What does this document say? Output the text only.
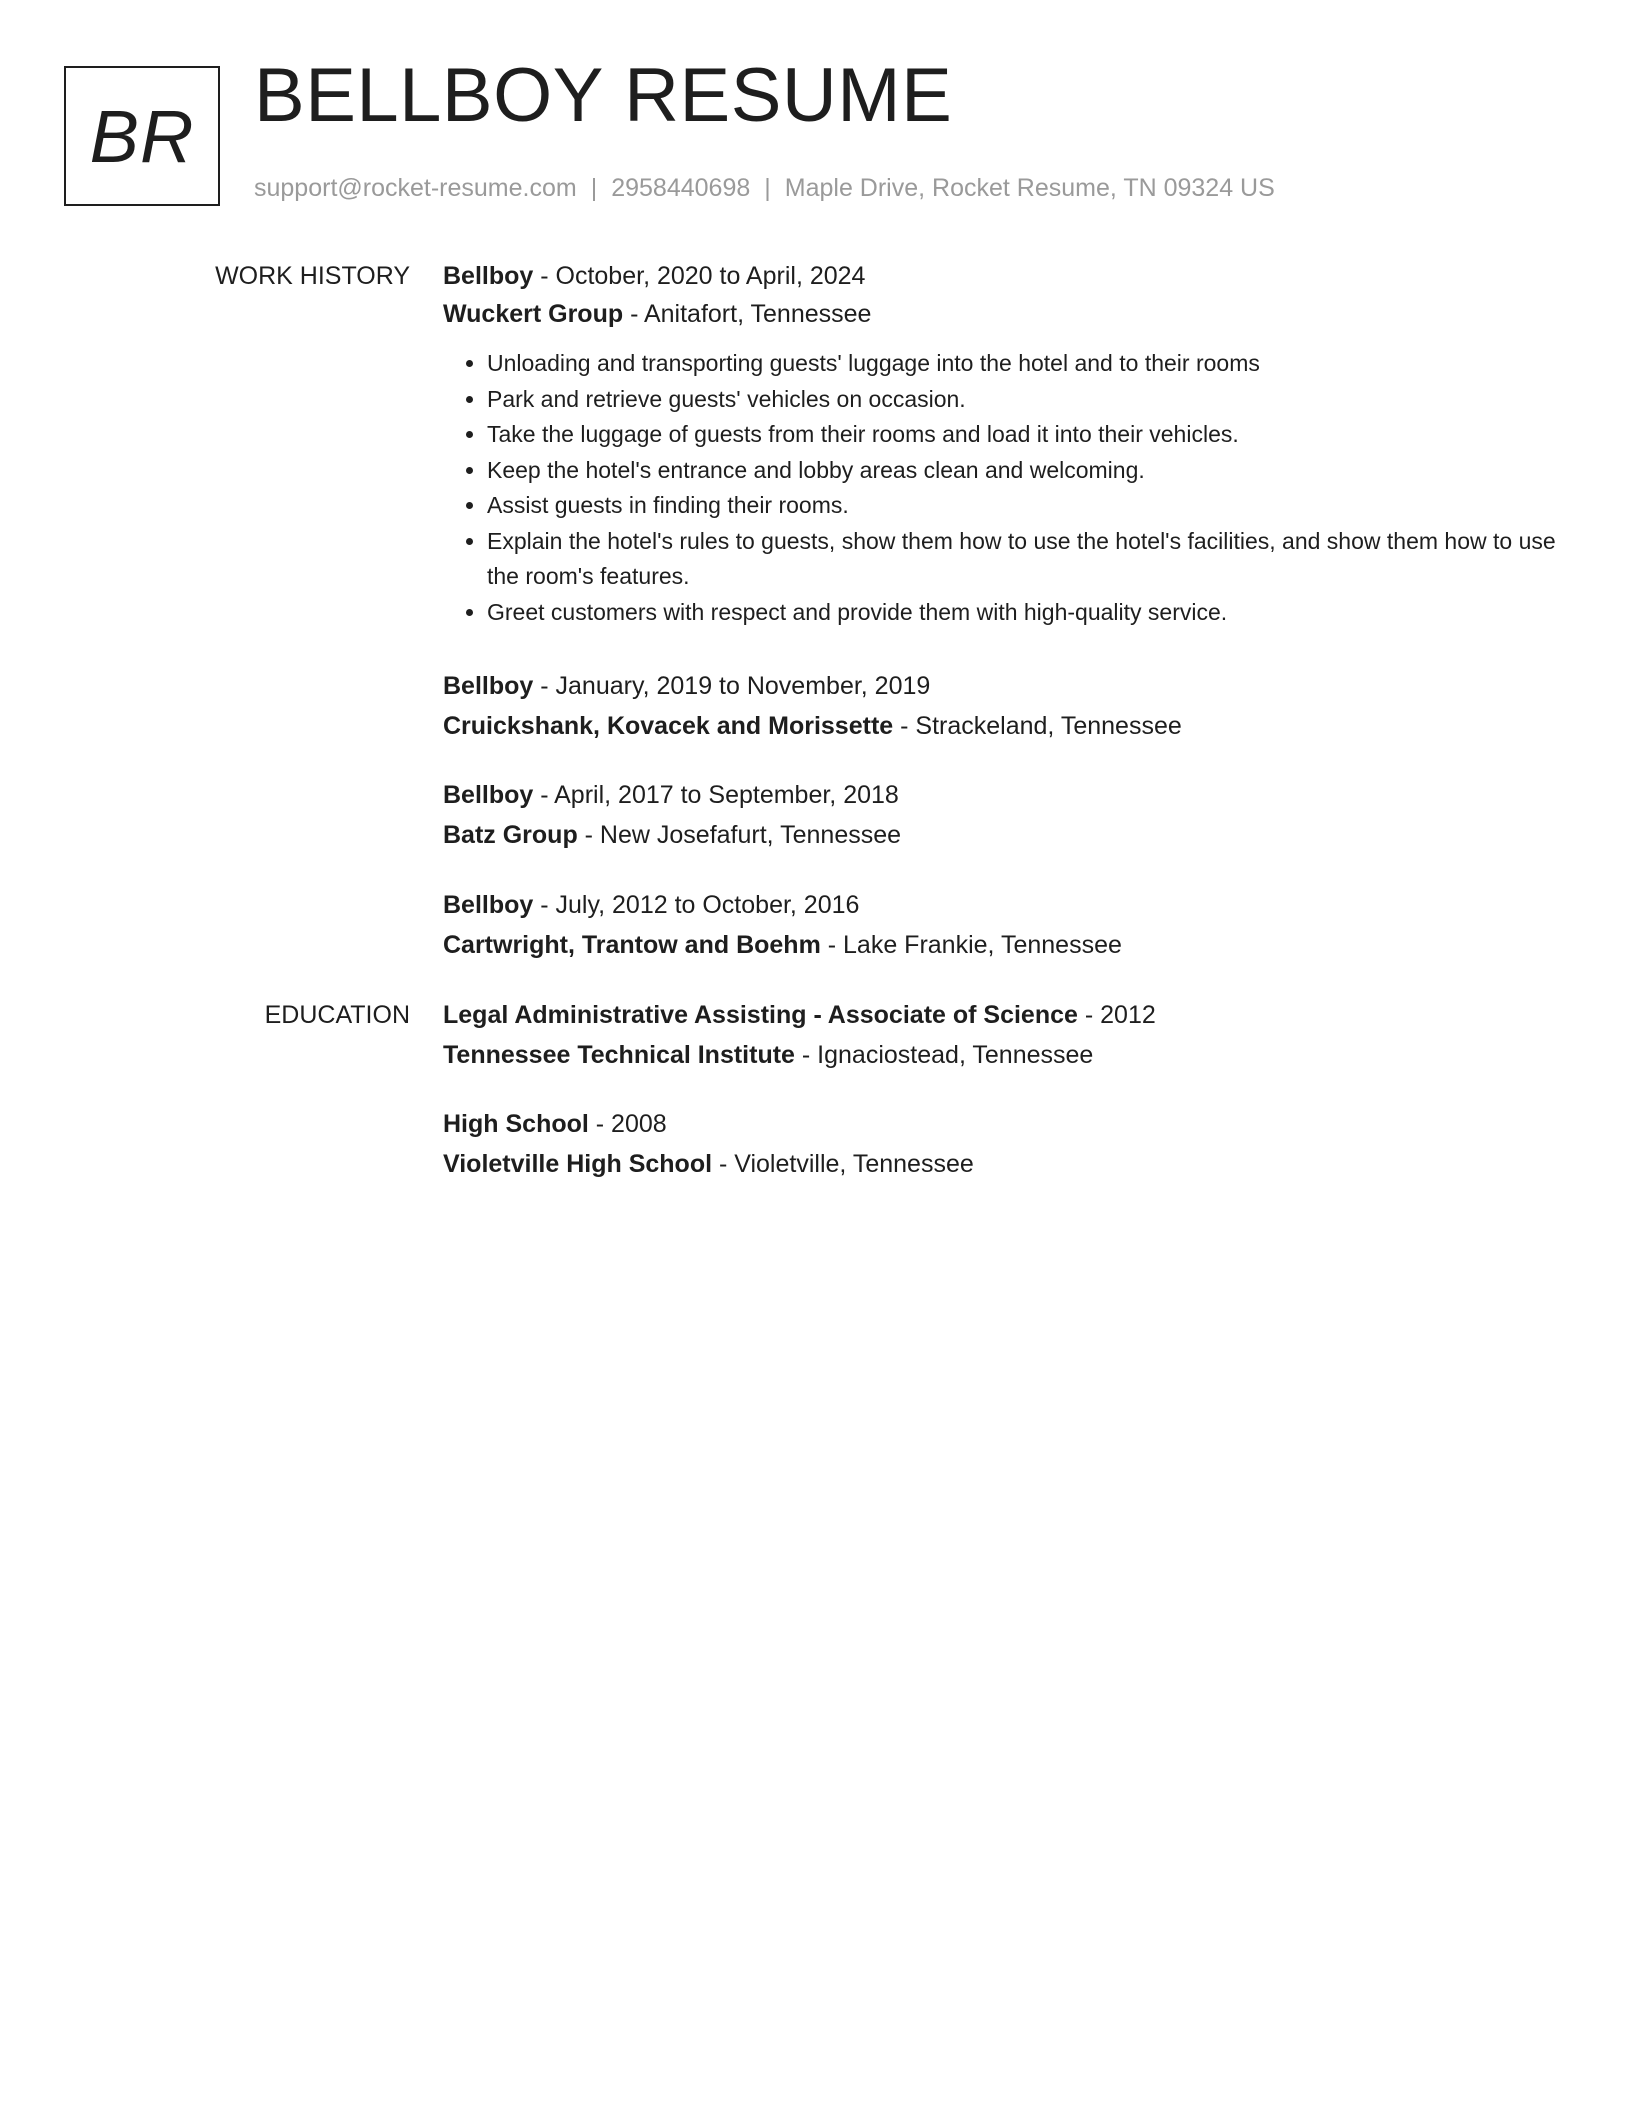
BR BELLBOY RESUME
support@rocket-resume.com | 2958440698 | Maple Drive, Rocket Resume, TN 09324 US
WORK HISTORY Bellboy - October, 2020 to April, 2024
Wuckert Group - Anitafort, Tennessee
• Unloading and transporting guests' luggage into the hotel and to their rooms
• Park and retrieve guests' vehicles on occasion.
• Take the luggage of guests from their rooms and load it into their vehicles.
• Keep the hotel's entrance and lobby areas clean and welcoming.
• Assist guests in finding their rooms.
• Explain the hotel's rules to guests, show them how to use the hotel's facilities, and show them how to use the room's features.
• Greet customers with respect and provide them with high-quality service.
Bellboy - January, 2019 to November, 2019
Cruickshank, Kovacek and Morissette - Strackeland, Tennessee
Bellboy - April, 2017 to September, 2018
Batz Group - New Josefafurt, Tennessee
Bellboy - July, 2012 to October, 2016
Cartwright, Trantow and Boehm - Lake Frankie, Tennessee
EDUCATION Legal Administrative Assisting - Associate of Science - 2012
Tennessee Technical Institute - Ignaciostead, Tennessee
High School - 2008
Violetville High School - Violetville, Tennessee
